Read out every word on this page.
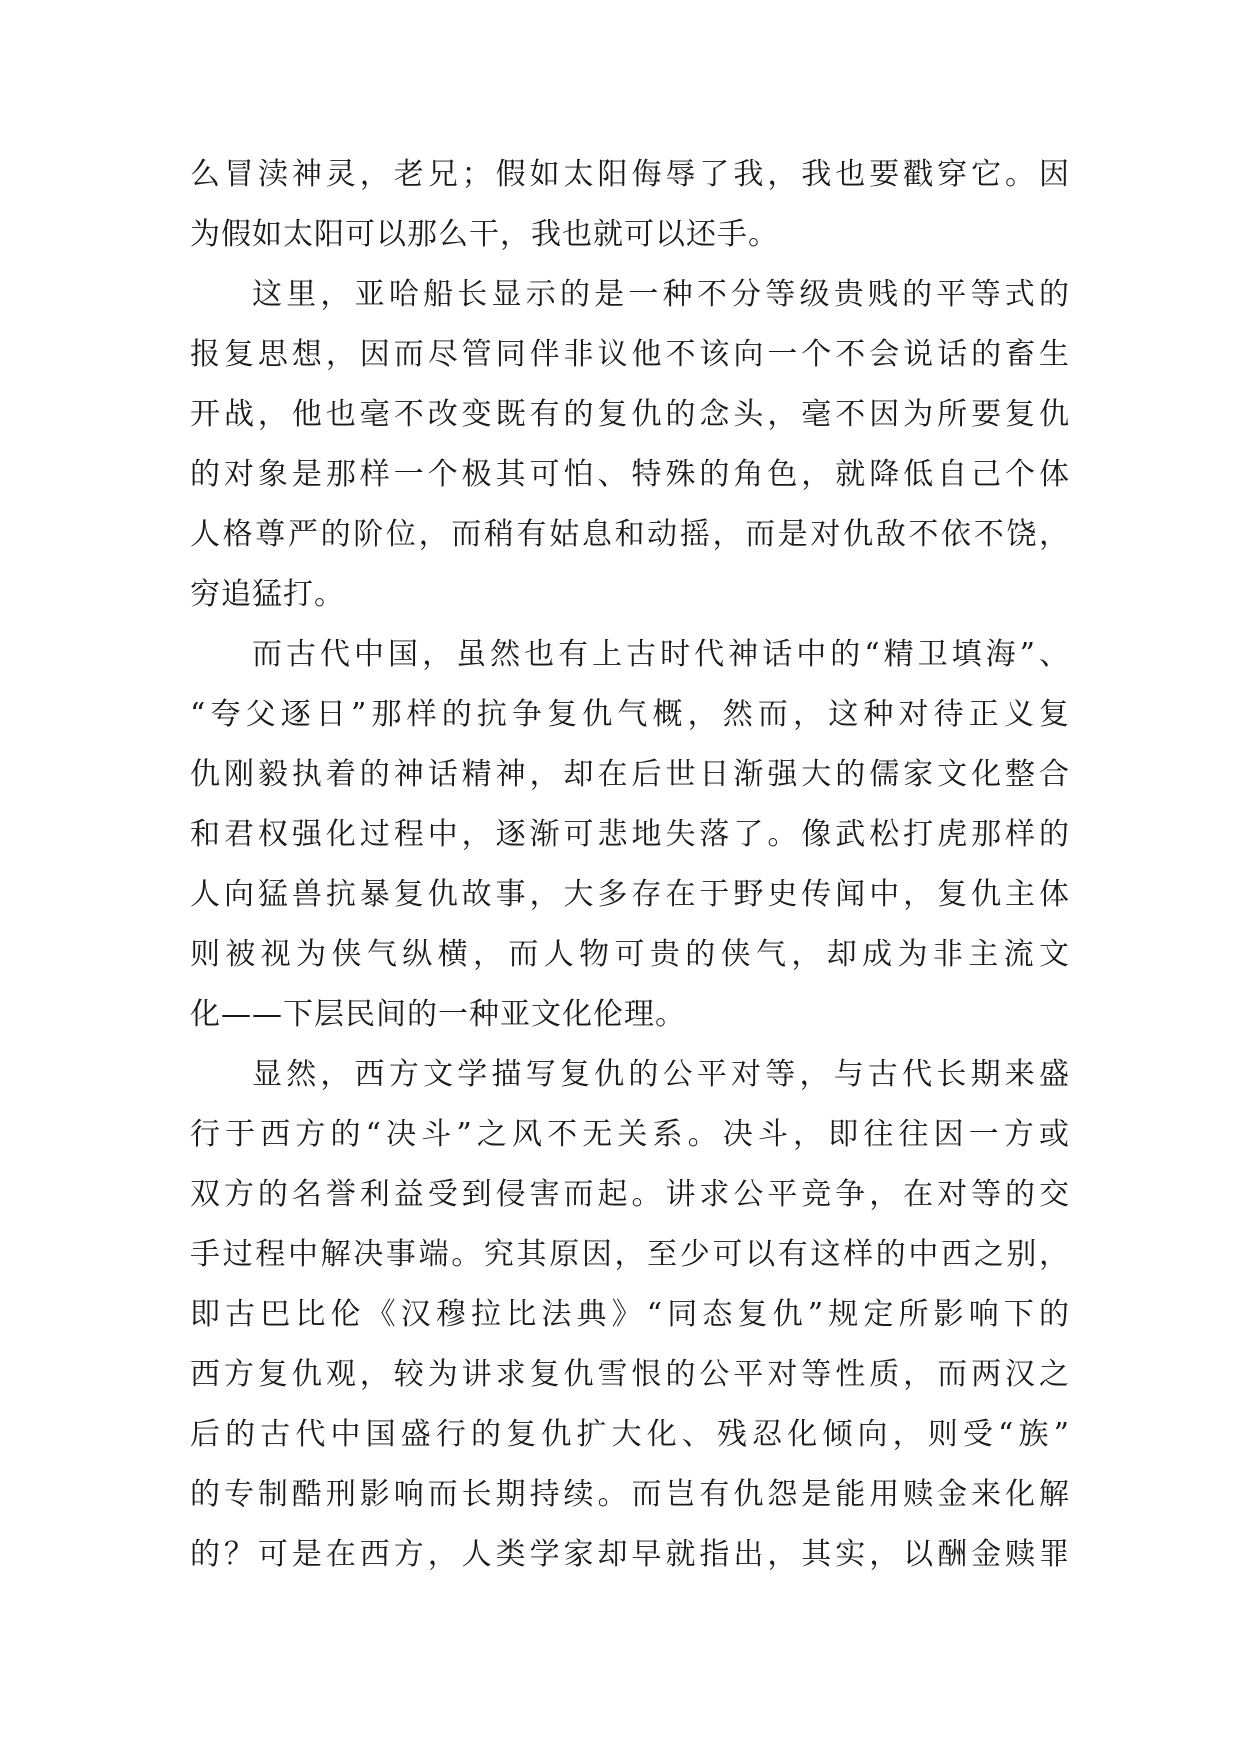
么冒渎神灵，老兄；假如太阳侮辱了我，我也要戳穿它。因
为假如太阳可以那么干，我也就可以还手。
这里，亚哈船长显示的是一种不分等级贵贱的平等式的
报复思想，因而尽管同伴非议他不该向一个不会说话的畜生
开战，他也毫不改变既有的复仇的念头，毫不因为所要复仇
的对象是那样一个极其可怕、特殊的角色，就降低自己个体
人格尊严的阶位，而稍有姑息和动摇，而是对仇敌不依不饶，
穷追猛打。
而古代中国，虽然也有上古时代神话中的“精卫填海”、
“夸父逐日”那样的抗争复仇气概，然而，这种对待正义复
仇刚毅执着的神话精神，却在后世日渐强大的儒家文化整合
和君权强化过程中，逐渐可悲地失落了。像武松打虎那样的
人向猛兽抗暴复仇故事，大多存在于野史传闻中，复仇主体
则被视为侠气纵横，而人物可贵的侠气，却成为非主流文
化——下层民间的一种亚文化伦理。
显然，西方文学描写复仇的公平对等，与古代长期来盛
行于西方的“决斗”之风不无关系。决斗，即往往因一方或
双方的名誉利益受到侵害而起。讲求公平竞争，在对等的交
手过程中解决事端。究其原因，至少可以有这样的中西之别，
即古巴比伦《汉穆拉比法典》“同态复仇”规定所影响下的
西方复仇观，较为讲求复仇雪恨的公平对等性质，而两汉之
后的古代中国盛行的复仇扩大化、残忍化倾向，则受“族”
的专制酷刑影响而长期持续。而岂有仇怨是能用赎金来化解
的？可是在西方，人类学家却早就指出，其实，以酬金赎罪
